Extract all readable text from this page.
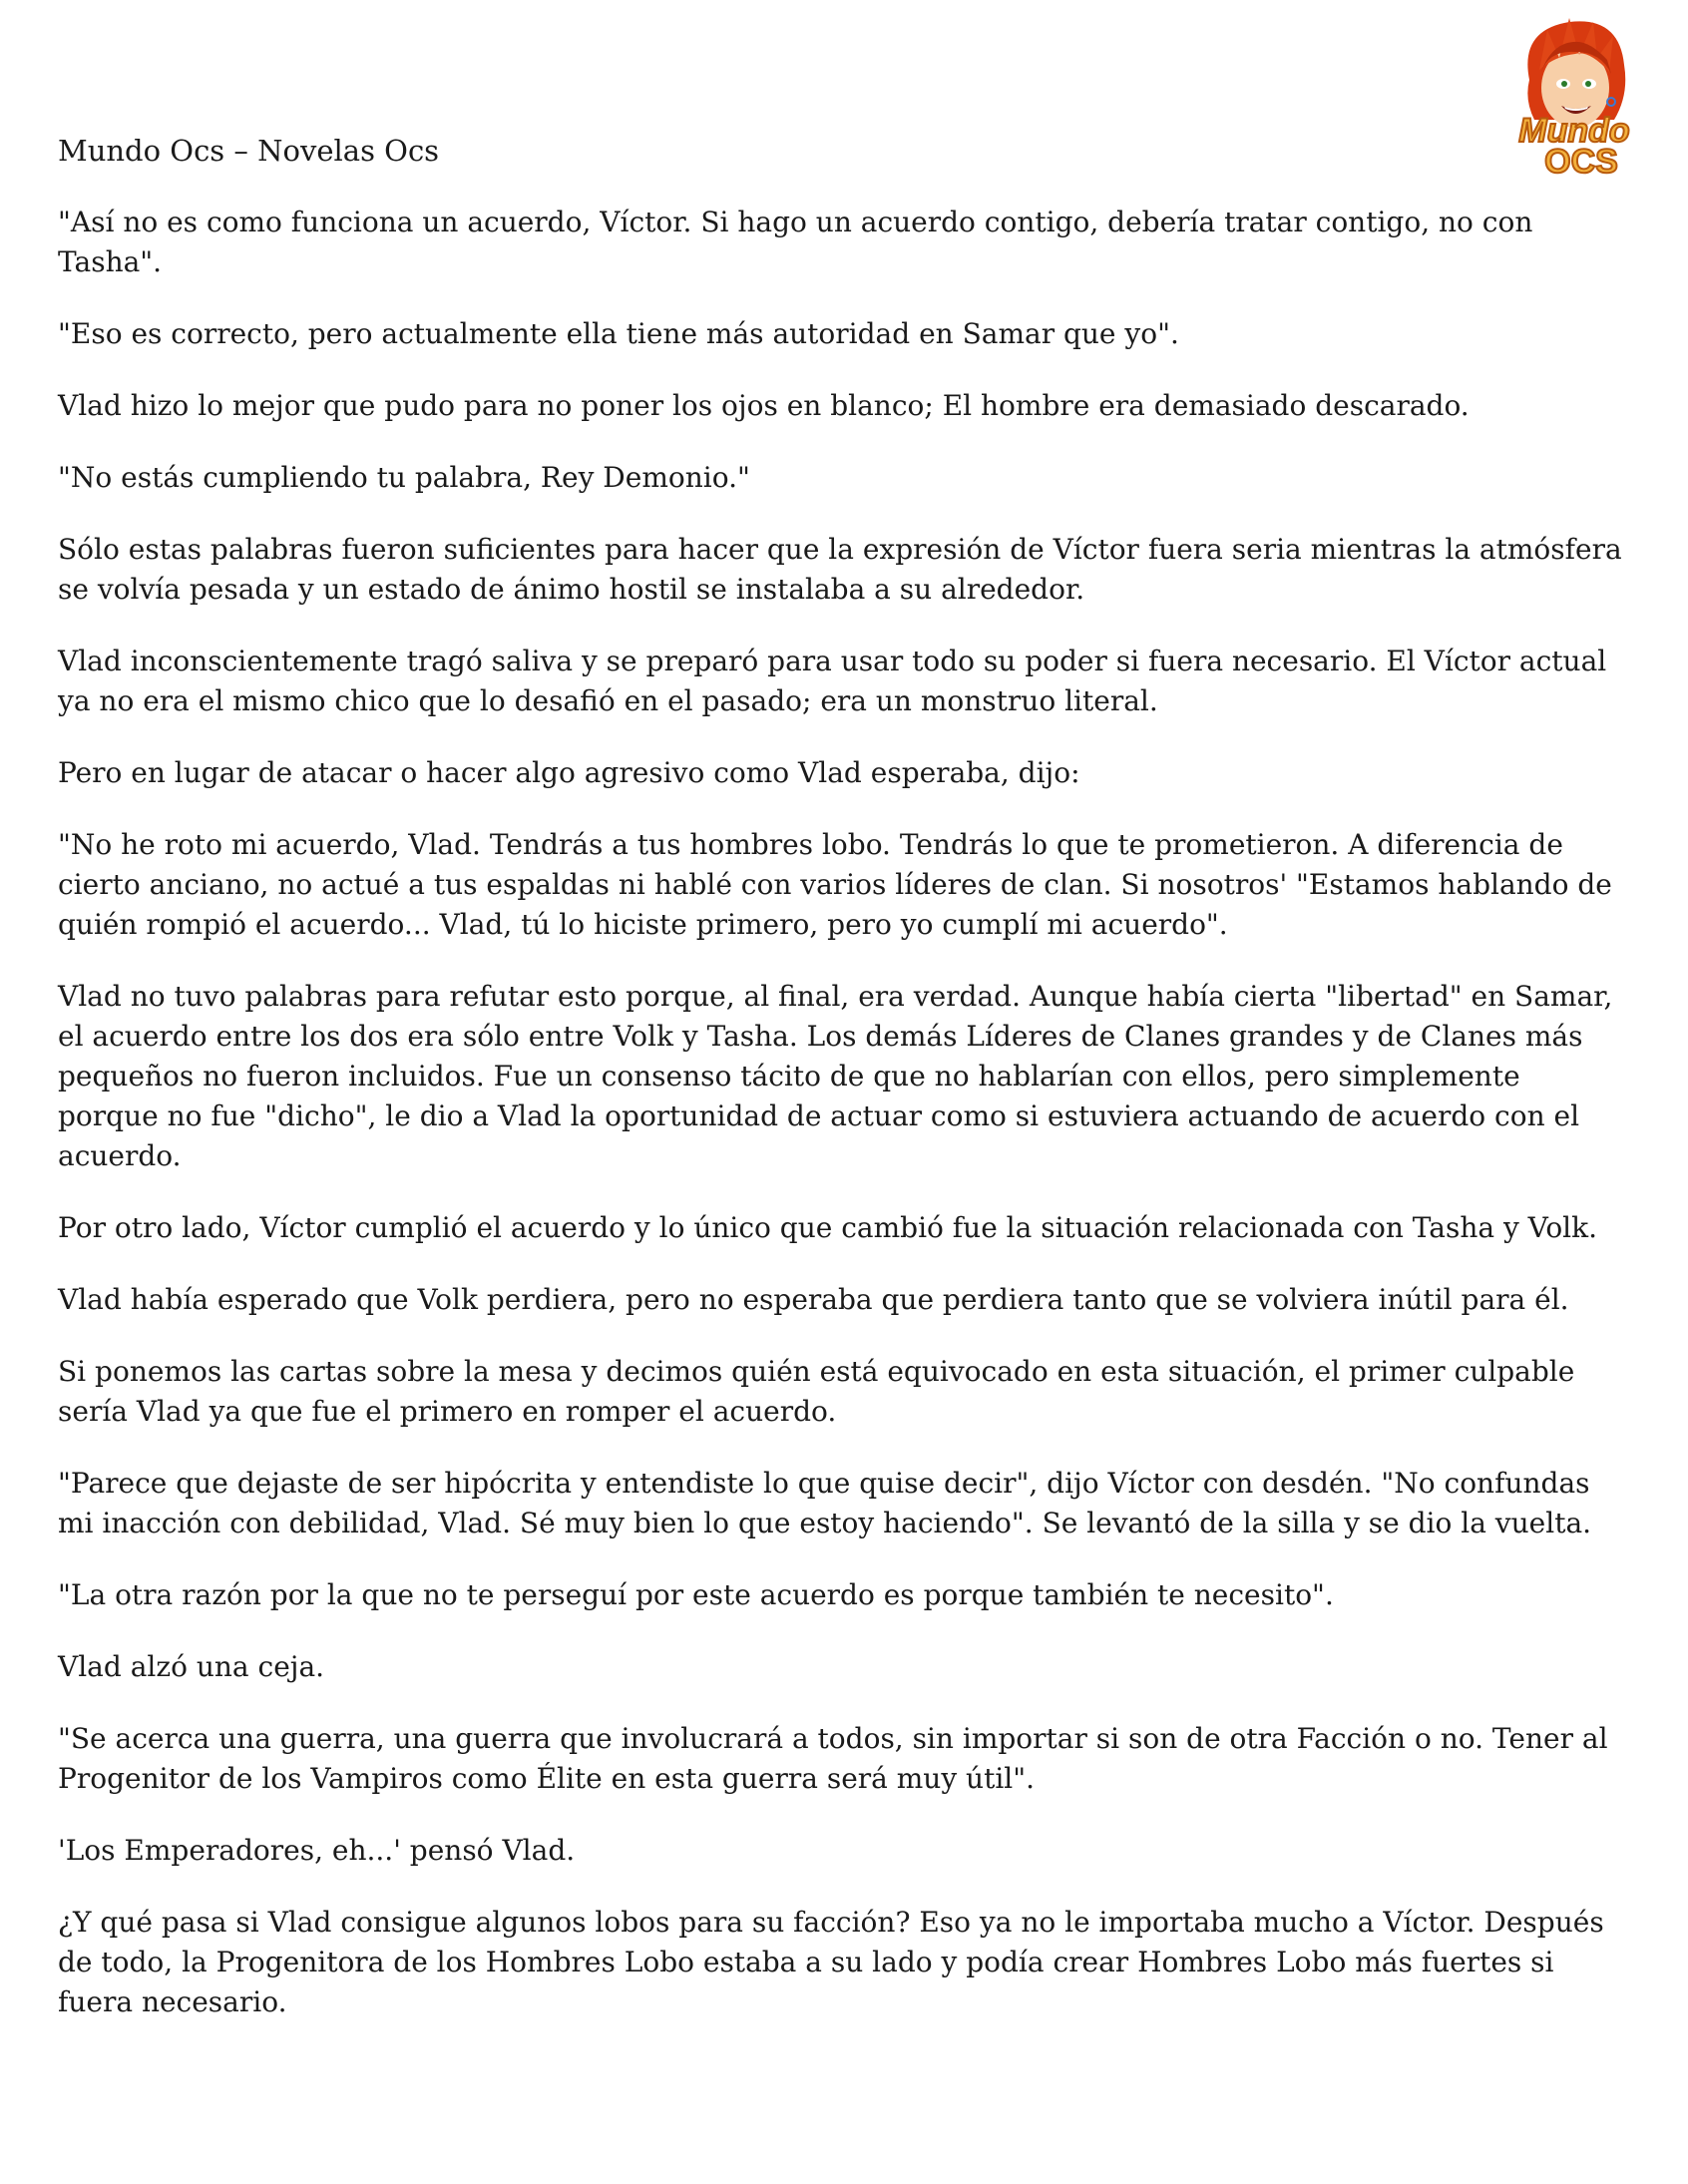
Mundo Ocs – Novelas Ocs
Mundo
OCS

"Así no es como funciona un acuerdo, Víctor. Si hago un acuerdo contigo, debería tratar contigo, no con Tasha".

"Eso es correcto, pero actualmente ella tiene más autoridad en Samar que yo".

Vlad hizo lo mejor que pudo para no poner los ojos en blanco; El hombre era demasiado descarado.

"No estás cumpliendo tu palabra, Rey Demonio."

Sólo estas palabras fueron suficientes para hacer que la expresión de Víctor fuera seria mientras la atmósfera se volvía pesada y un estado de ánimo hostil se instalaba a su alrededor.

Vlad inconscientemente tragó saliva y se preparó para usar todo su poder si fuera necesario. El Víctor actual ya no era el mismo chico que lo desafió en el pasado; era un monstruo literal.

Pero en lugar de atacar o hacer algo agresivo como Vlad esperaba, dijo:

"No he roto mi acuerdo, Vlad. Tendrás a tus hombres lobo. Tendrás lo que te prometieron. A diferencia de cierto anciano, no actué a tus espaldas ni hablé con varios líderes de clan. Si nosotros' "Estamos hablando de quién rompió el acuerdo... Vlad, tú lo hiciste primero, pero yo cumplí mi acuerdo".

Vlad no tuvo palabras para refutar esto porque, al final, era verdad. Aunque había cierta "libertad" en Samar, el acuerdo entre los dos era sólo entre Volk y Tasha. Los demás Líderes de Clanes grandes y de Clanes más pequeños no fueron incluidos. Fue un consenso tácito de que no hablarían con ellos, pero simplemente porque no fue "dicho", le dio a Vlad la oportunidad de actuar como si estuviera actuando de acuerdo con el acuerdo.

Por otro lado, Víctor cumplió el acuerdo y lo único que cambió fue la situación relacionada con Tasha y Volk.

Vlad había esperado que Volk perdiera, pero no esperaba que perdiera tanto que se volviera inútil para él.

Si ponemos las cartas sobre la mesa y decimos quién está equivocado en esta situación, el primer culpable sería Vlad ya que fue el primero en romper el acuerdo.

"Parece que dejaste de ser hipócrita y entendiste lo que quise decir", dijo Víctor con desdén. "No confundas mi inacción con debilidad, Vlad. Sé muy bien lo que estoy haciendo". Se levantó de la silla y se dio la vuelta.

"La otra razón por la que no te perseguí por este acuerdo es porque también te necesito".

Vlad alzó una ceja.

"Se acerca una guerra, una guerra que involucrará a todos, sin importar si son de otra Facción o no. Tener al Progenitor de los Vampiros como Élite en esta guerra será muy útil".

'Los Emperadores, eh...' pensó Vlad.

¿Y qué pasa si Vlad consigue algunos lobos para su facción? Eso ya no le importaba mucho a Víctor. Después de todo, la Progenitora de los Hombres Lobo estaba a su lado y podía crear Hombres Lobo más fuertes si fuera necesario.
